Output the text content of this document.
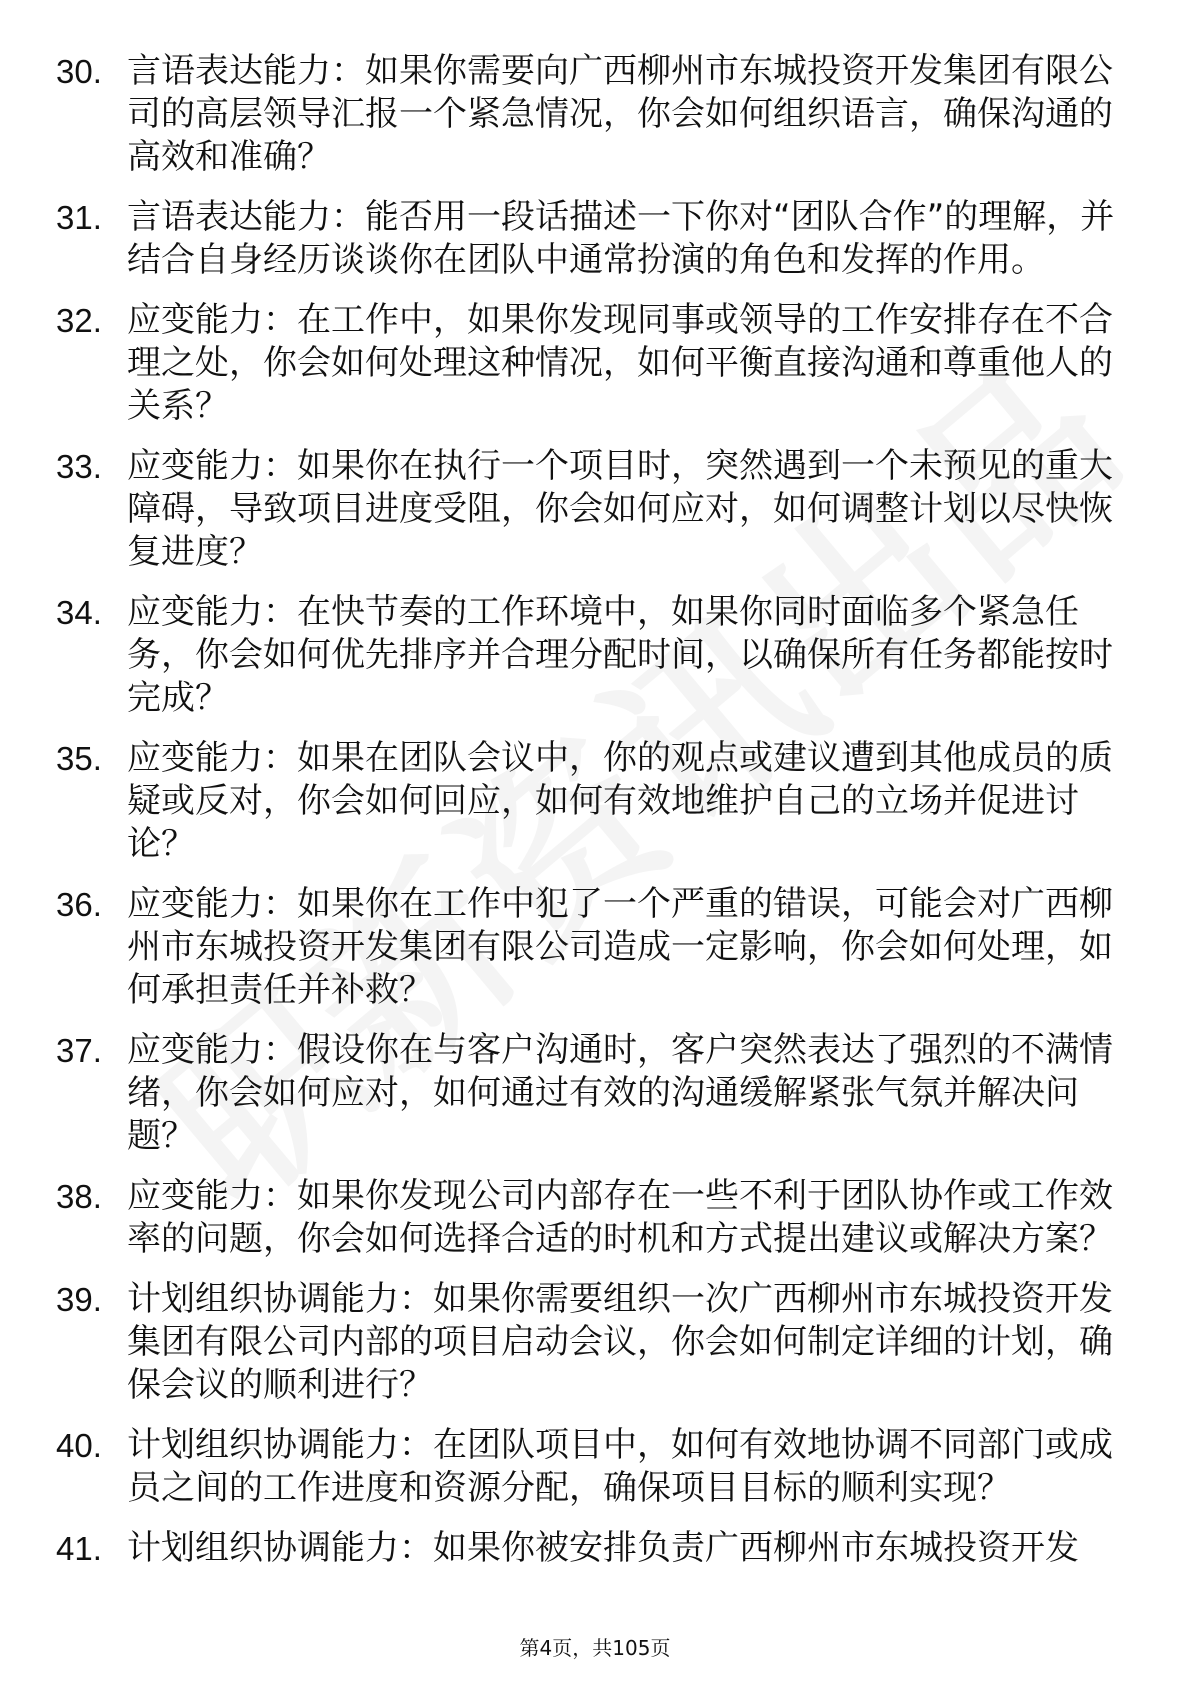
30. 言语表达能力：如果你需要向广西柳州市东城投资开发集团有限公司的高层领导汇报一个紧急情况，你会如何组织语言，确保沟通的高效和准确？
31. 言语表达能力：能否用一段话描述一下你对“团队合作”的理解，并结合自身经历谈谈你在团队中通常扮演的角色和发挥的作用。
32. 应变能力：在工作中，如果你发现同事或领导的工作安排存在不合理之处，你会如何处理这种情况，如何平衡直接沟通和尊重他人的关系？
33. 应变能力：如果你在执行一个项目时，突然遇到一个未预见的重大障碍，导致项目进度受阻，你会如何应对，如何调整计划以尽快恢复进度？
34. 应变能力：在快节奏的工作环境中，如果你同时面临多个紧急任务，你会如何优先排序并合理分配时间，以确保所有任务都能按时完成？
35. 应变能力：如果在团队会议中，你的观点或建议遭到其他成员的质疑或反对，你会如何回应，如何有效地维护自己的立场并促进讨论？
36. 应变能力：如果你在工作中犯了一个严重的错误，可能会对广西柳州市东城投资开发集团有限公司造成一定影响，你会如何处理，如何承担责任并补救？
37. 应变能力：假设你在与客户沟通时，客户突然表达了强烈的不满情绪，你会如何应对，如何通过有效的沟通缓解紧张气氛并解决问题？
38. 应变能力：如果你发现公司内部存在一些不利于团队协作或工作效率的问题，你会如何选择合适的时机和方式提出建议或解决方案？
39. 计划组织协调能力：如果你需要组织一次广西柳州市东城投资开发集团有限公司内部的项目启动会议，你会如何制定详细的计划，确保会议的顺利进行？
40. 计划组织协调能力：在团队项目中，如何有效地协调不同部门或成员之间的工作进度和资源分配，确保项目目标的顺利实现？
41. 计划组织协调能力：如果你被安排负责广西柳州市东城投资开发
第4页，共105页
